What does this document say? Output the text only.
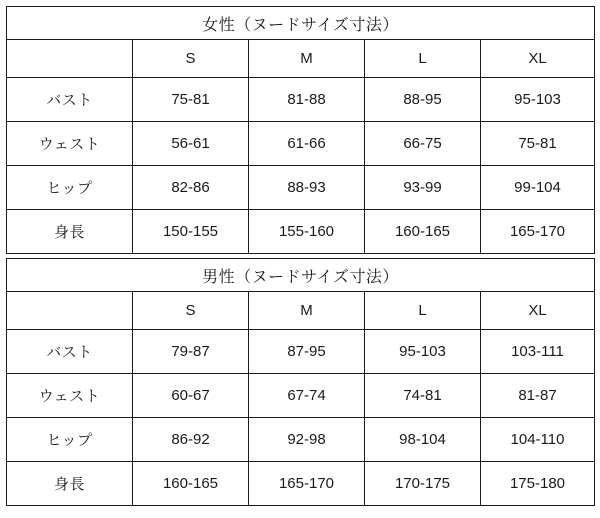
女性（ヌードサイズ寸法）				
	S	M	L	XL
バスト	75-81	81-88	88-95	95-103
ウェスト	56-61	61-66	66-75	75-81
ヒップ	82-86	88-93	93-99	99-104
身長	150-155	155-160	160-165	165-170
男性（ヌードサイズ寸法）				
	S	M	L	XL
バスト	79-87	87-95	95-103	103-111
ウェスト	60-67	67-74	74-81	81-87
ヒップ	86-92	92-98	98-104	104-110
身長	160-165	165-170	170-175	175-180
